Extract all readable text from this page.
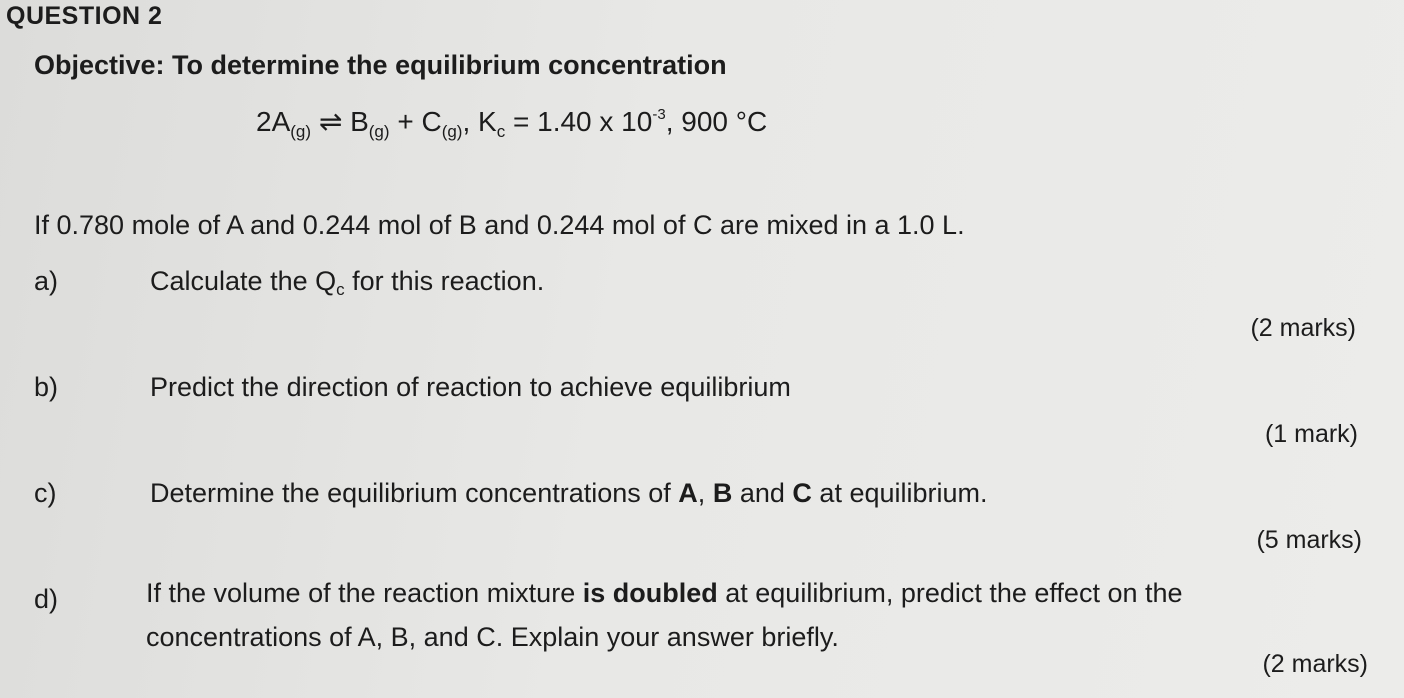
QUESTION 2
Objective: To determine the equilibrium concentration
$2A_{(g)}$ ⇌ $B_{(g)} + C_{(g)}$, $K_c = 1.40$ x $10^{-3}$, 900 °C
If 0.780 mole of A and 0.244 mol of B and 0.244 mol of C are mixed in a 1.0 L.
a)	Calculate the $Q_c$ for this reaction.
(2 marks)
b)	Predict the direction of reaction to achieve equilibrium
(1 mark)
c)	Determine the equilibrium concentrations of A, B and C at equilibrium.
(5 marks)
d)	If the volume of the reaction mixture is doubled at equilibrium, predict the effect on the
concentrations of A, B, and C. Explain your answer briefly.
(2 marks)
